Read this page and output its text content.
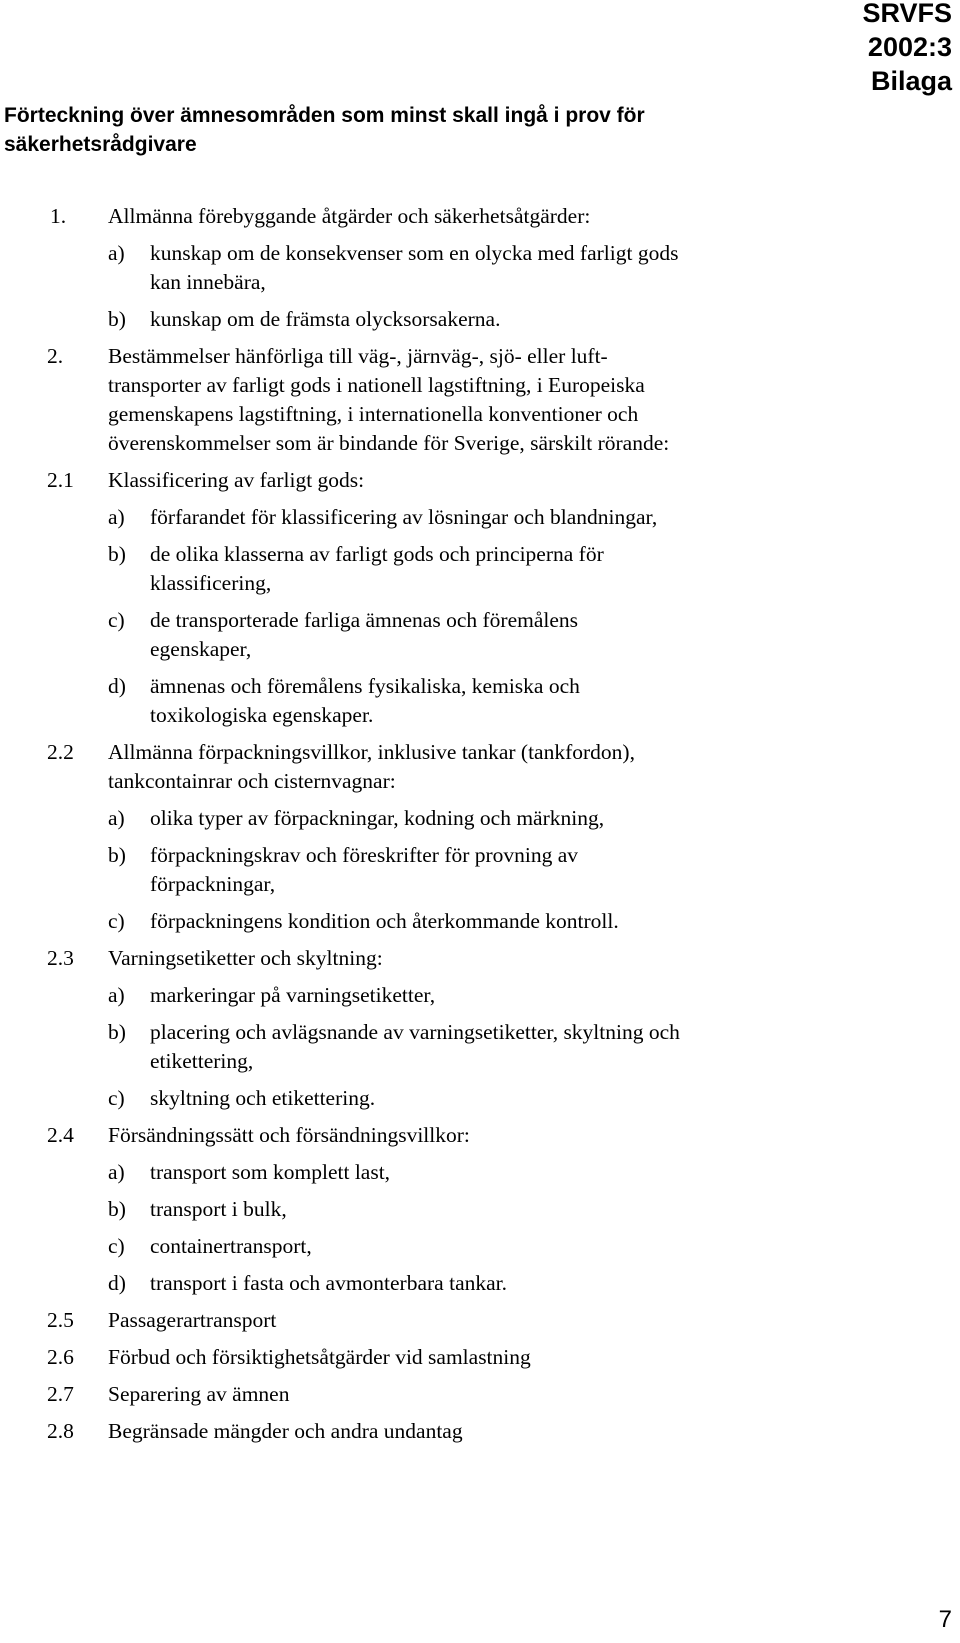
SRVFS
2002:3
Bilaga
Förteckning över ämnesområden som minst skall ingå i prov för
säkerhetsrådgivare
1. Allmänna förebyggande åtgärder och säkerhetsåtgärder:
a) kunskap om de konsekvenser som en olycka med farligt gods
kan innebära,
b) kunskap om de främsta olycksorsakerna.
2. Bestämmelser hänförliga till väg-, järnväg-, sjö- eller luft-
transporter av farligt gods i nationell lagstiftning, i Europeiska
gemenskapens lagstiftning, i internationella konventioner och
överenskommelser som är bindande för Sverige, särskilt rörande:
2.1 Klassificering av farligt gods:
a) förfarandet för klassificering av lösningar och blandningar,
b) de olika klasserna av farligt gods och principerna för
klassificering,
c) de transporterade farliga ämnenas och föremålens
egenskaper,
d) ämnenas och föremålens fysikaliska, kemiska och
toxikologiska egenskaper.
2.2 Allmänna förpackningsvillkor, inklusive tankar (tankfordon),
tankcontainrar och cisternvagnar:
a) olika typer av förpackningar, kodning och märkning,
b) förpackningskrav och föreskrifter för provning av
förpackningar,
c) förpackningens kondition och återkommande kontroll.
2.3 Varningsetiketter och skyltning:
a) markeringar på varningsetiketter,
b) placering och avlägsnande av varningsetiketter, skyltning och
etikettering,
c) skyltning och etikettering.
2.4 Försändningssätt och försändningsvillkor:
a) transport som komplett last,
b) transport i bulk,
c) containertransport,
d) transport i fasta och avmonterbara tankar.
2.5 Passagerartransport
2.6 Förbud och försiktighetsåtgärder vid samlastning
2.7 Separering av ämnen
2.8 Begränsade mängder och andra undantag
7
